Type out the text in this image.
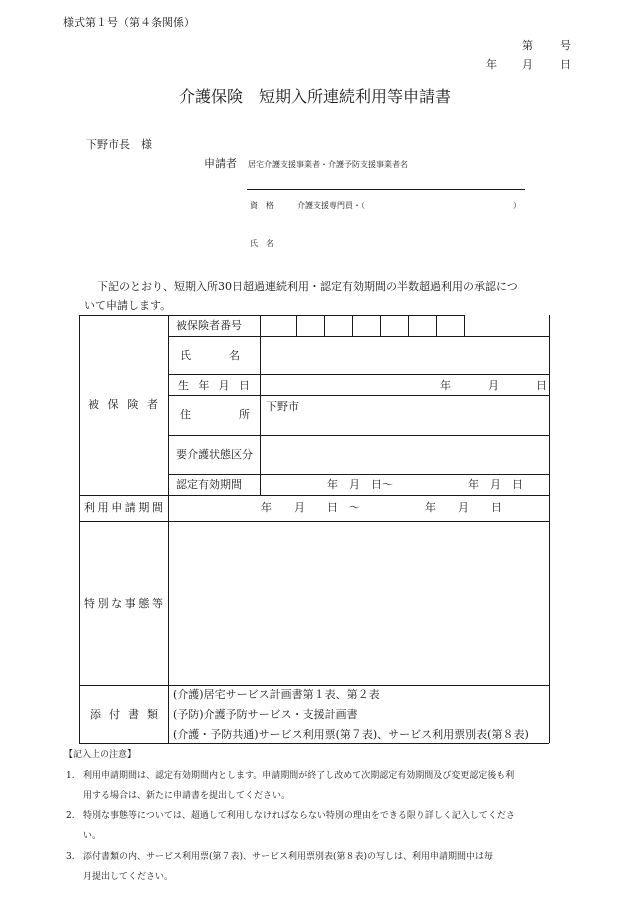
様式第１号（第４条関係）
第 号
年 月 日
介護保険　短期入所連続利用等申請書
下野市長　様
申請者 居宅介護支援事業者・介護予防支援事業者名
資　格	介護支援専門員・（	）
氏　名
下記のとおり、短期入所30日超過連続利用・認定有効期間の半数超過利用の承認につ
いて申請します。
被 保 険 者
被保険者番号
氏	名
生 年 月 日	年	月	日
住	所
下野市
要介護状態区分
認定有効期間	年　月　日〜	年　月　日
利 用 申 請 期 間	年　　月　　日　〜	年　　月　　日
特 別 な 事 態 等
添 付 書 類
(介護)居宅サービス計画書第１表、第２表
(予防)介護予防サービス・支援計画書
(介護・予防共通)サービス利用票(第７表)、サービス利用票別表(第８表)
【記入上の注意】
1. 利用申請期間は、認定有効期間内とします。申請期間が終了し改めて次期認定有効期間及び変更認定後も利
用する場合は、新たに申請書を提出してください。
2. 特別な事態等については、超過して利用しなければならない特別の理由をできる限り詳しく記入してくださ
い。
3. 添付書類の内、サービス利用票(第７表)、サービス利用票別表(第８表)の写しは、利用申請期間中は毎
月提出してください。
